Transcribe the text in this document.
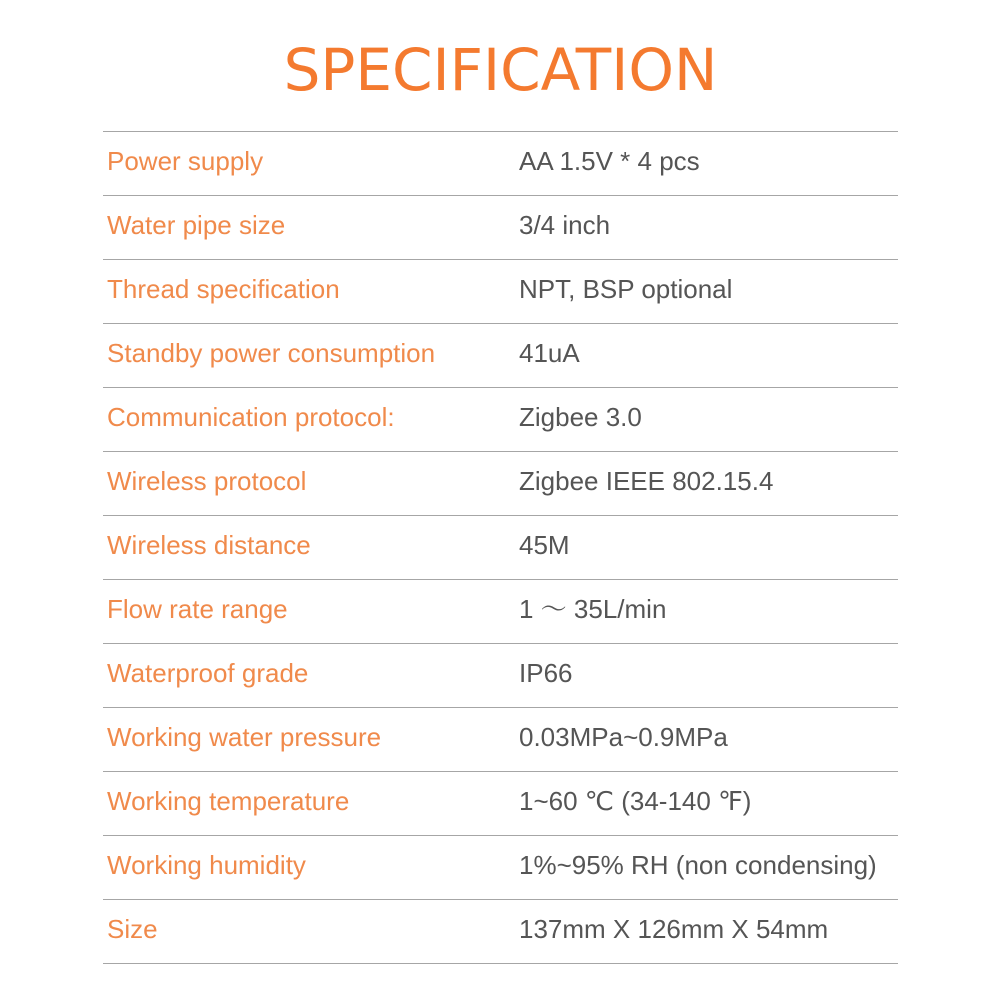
SPECIFICATION
Power supply	AA 1.5V * 4 pcs
Water pipe size	3/4 inch
Thread specification	NPT, BSP optional
Standby power consumption	41uA
Communication protocol:	Zigbee 3.0
Wireless protocol	Zigbee IEEE 802.15.4
Wireless distance	45M
Flow rate range	1 ～ 35L/min
Waterproof grade	IP66
Working water pressure	0.03MPa~0.9MPa
Working temperature	1~60 ℃ (34-140 ℉)
Working humidity	1%~95% RH (non condensing)
Size	137mm X 126mm X 54mm
